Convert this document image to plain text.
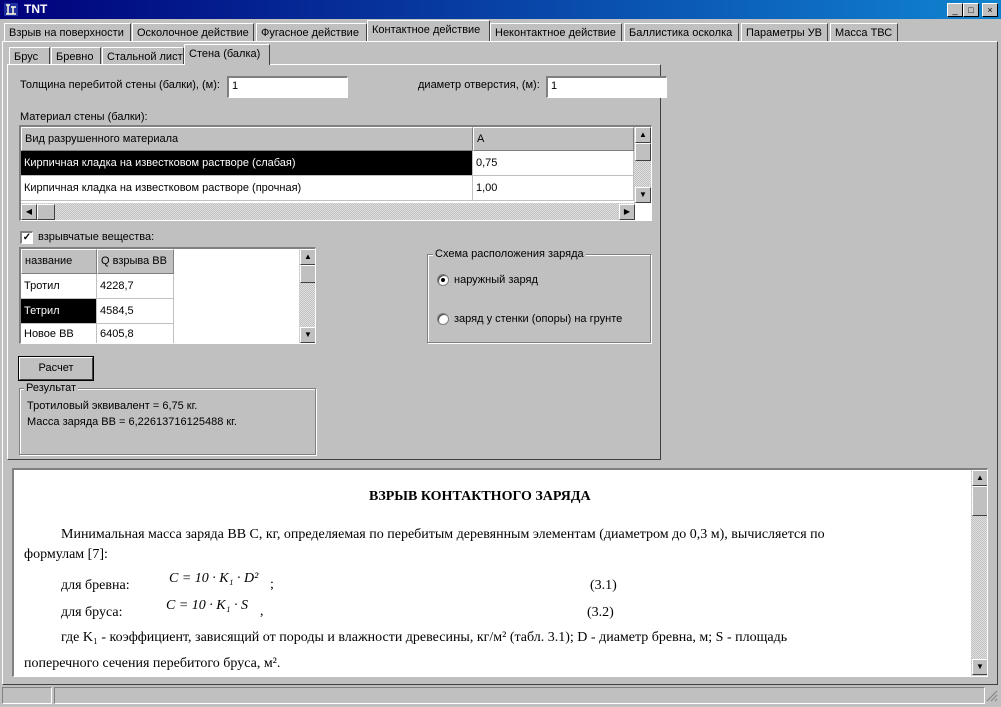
TNT	_	□	×
Взрыв на поверхности	Осколочное действие	Фугасное действие	Контактное действие	Неконтактное действие	Баллистика осколка	Параметры УВ	Масса ТВС
Брус	Бревно	Стальной лист Стена (балка)
Толщина перебитой стены (балки), (м):	1	диаметр отверстия, (м):	1
Материал стены (балки):
Вид разрушенного материала	A
Кирпичная кладка на известковом растворе (слабая)	0,75
Кирпичная кладка на известковом растворе (прочная)	1,00
▲
▼
◀	▶
✓ взрывчатые вещества:
название	Q взрыва ВВ
Тротил	4228,7
Тетрил	4584,5
Новое ВВ	6405,8
▲
▼
Схема расположения заряда
наружный заряд
заряд у стенки (опоры) на грунте
Расчет
Результат
Тротиловый эквивалент = 6,75 кг.
Масса заряда ВВ = 6,22613716125488 кг.
ВЗРЫВ КОНТАКТНОГО ЗАРЯДА
Минимальная масса заряда ВВ С, кг, определяемая по перебитым деревянным элементам (диаметром до 0,3 м), вычисляется по
формулам [7]:
для бревна:	C = 10 · K₁ · D² ;	(3.1)
для бруса:	C = 10 · K₁ · S ,	(3.2)
где K₁ - коэффициент, зависящий от породы и влажности древесины, кг/м² (табл. 3.1); D - диаметр бревна, м; S - площадь
поперечного сечения перебитого бруса, м².
▲
▼
